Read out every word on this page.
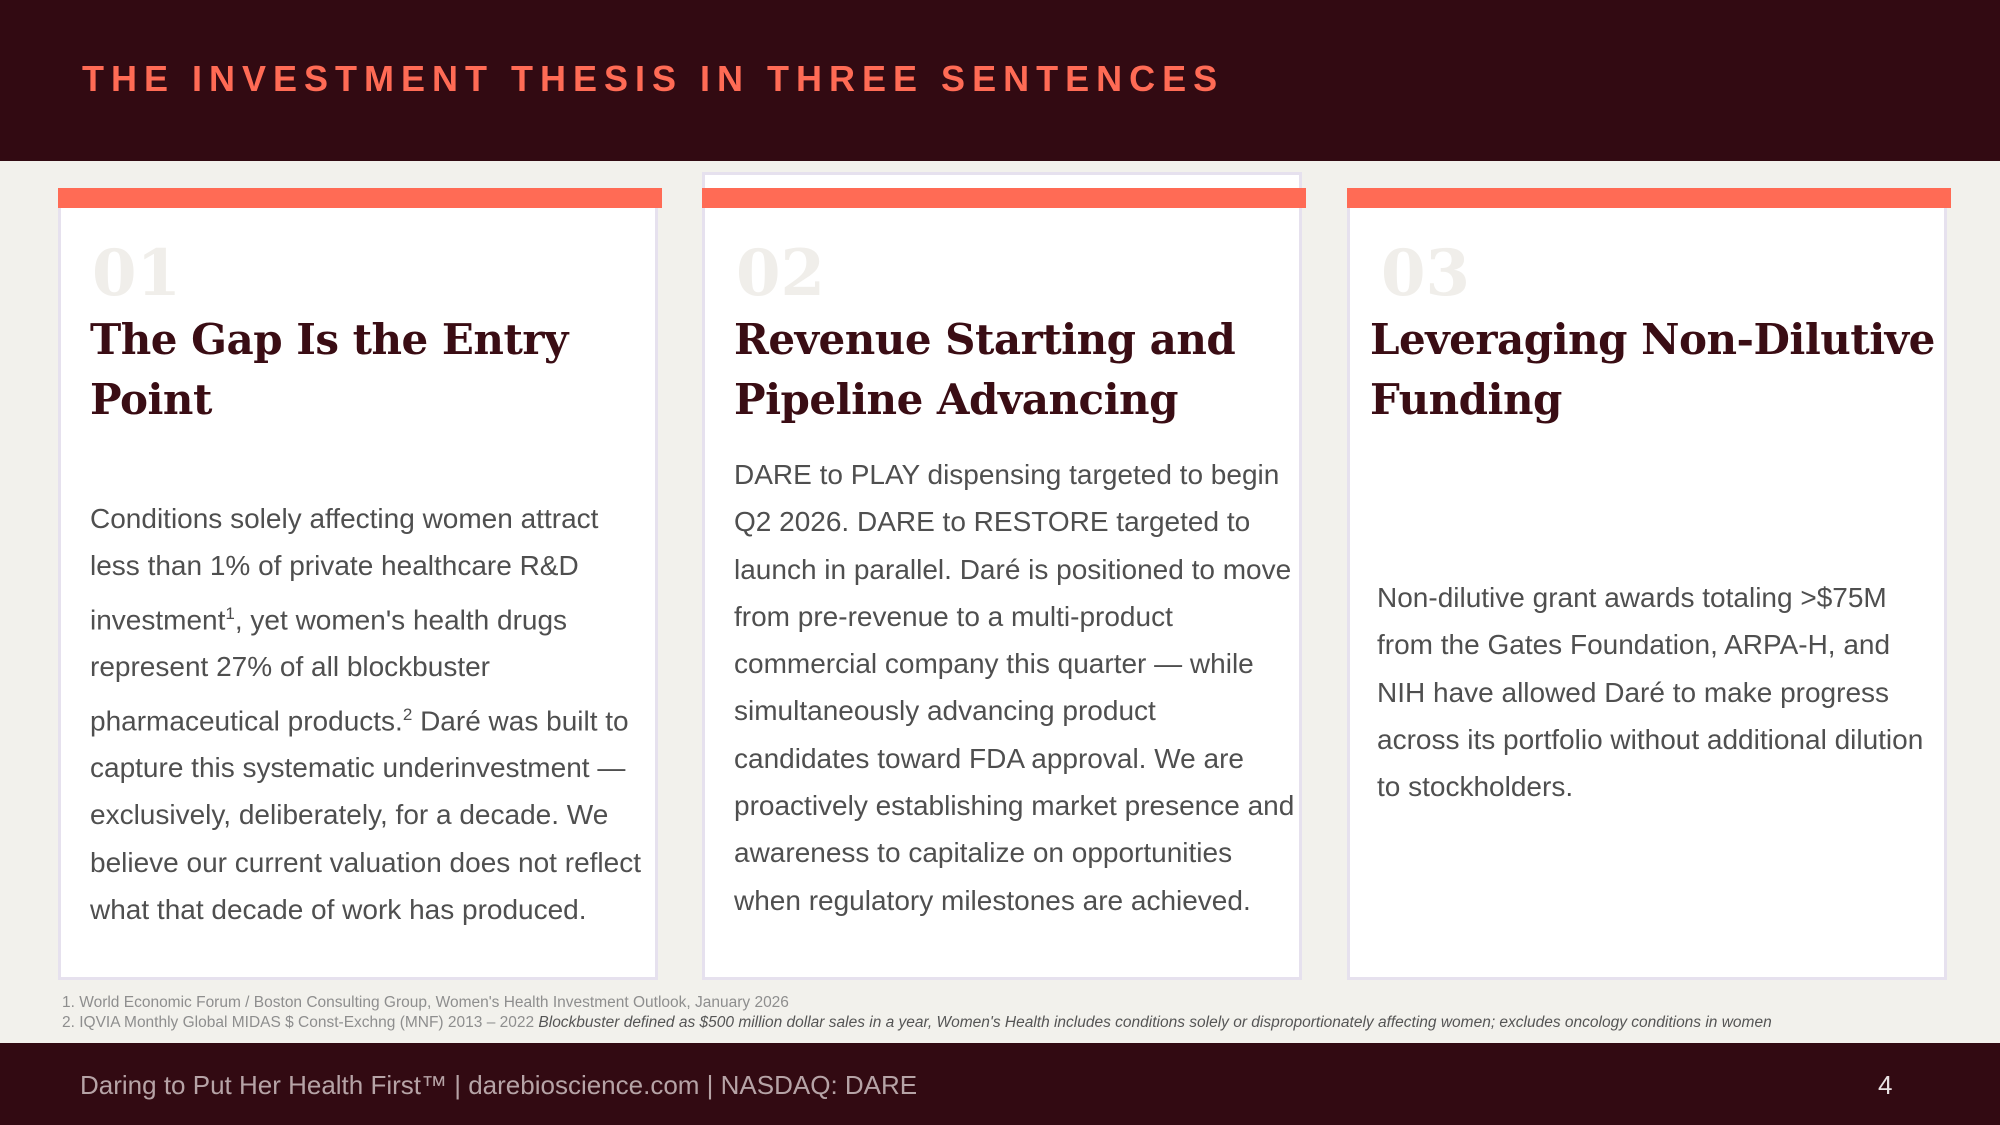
THE INVESTMENT THESIS IN THREE SENTENCES
01
The Gap Is the Entry
Point
Conditions solely affecting women attract less than 1% of private healthcare R&D investment$^1$, yet women's health drugs represent 27% of all blockbuster pharmaceutical products.$^2$ Daré was built to capture this systematic underinvestment — exclusively, deliberately, for a decade. We believe our current valuation does not reflect what that decade of work has produced.
02
Revenue Starting and
Pipeline Advancing
DARE to PLAY dispensing targeted to begin Q2 2026. DARE to RESTORE targeted to launch in parallel. Daré is positioned to move from pre-revenue to a multi-product commercial company this quarter — while simultaneously advancing product candidates toward FDA approval. We are proactively establishing market presence and awareness to capitalize on opportunities when regulatory milestones are achieved.
03
Leveraging Non-Dilutive
Funding
Non-dilutive grant awards totaling >$75M from the Gates Foundation, ARPA-H, and NIH have allowed Daré to make progress across its portfolio without additional dilution to stockholders.
1. World Economic Forum / Boston Consulting Group, Women's Health Investment Outlook, January 2026
2. IQVIA Monthly Global MIDAS $ Const-Exchng (MNF) 2013 – 2022 Blockbuster defined as $500 million dollar sales in a year, Women's Health includes conditions solely or disproportionately affecting women; excludes oncology conditions in women
Daring to Put Her Health First™ | darebioscience.com | NASDAQ: DARE	4
